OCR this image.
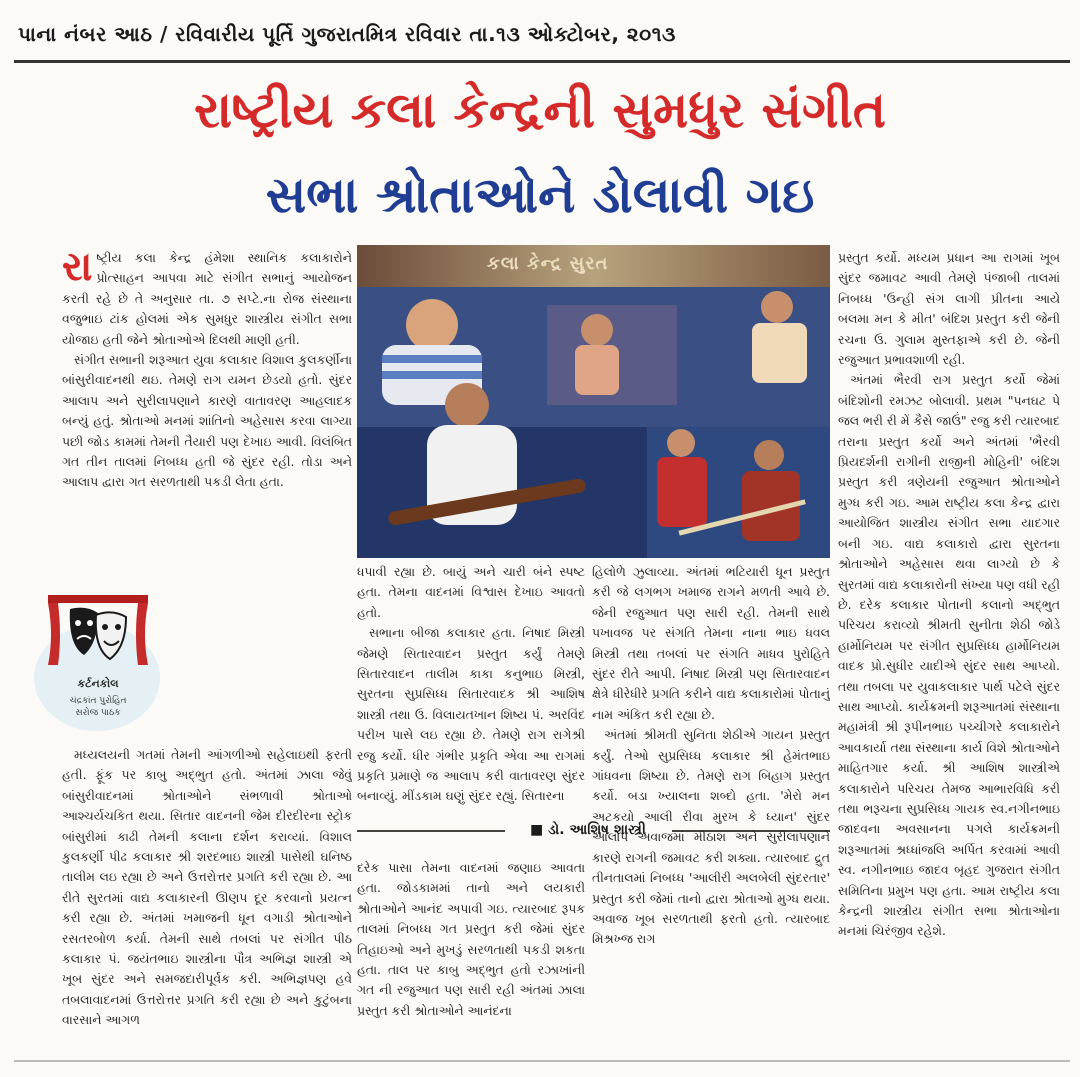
પાના નંબર આઠ / રવિવારીય પૂર્તિ ગુજરાતમિત્ર રવિવાર તા.૧૩ ઓક્ટોબર, ૨૦૧૩
રાષ્ટ્રીય કલા કેન્દ્રની સુમધુર સંગીત
સભા શ્રોતાઓને ડોલાવી ગઇ

રાષ્ટ્રીય કલા કેન્દ્ર હંમેશા સ્થાનિક કલાકારોને પ્રોત્સાહન આપવા માટે સંગીત સભાનું આયોજન કરતી રહે છે તે અનુસાર તા. ૭ સપ્ટે.ના રોજ સંસ્થાના વજુભાઇ ટાંક હોલમાં એક સુમધુર શાસ્ત્રીય સંગીત સભા યોજાઇ હતી જેને શ્રોતાઓએ દિલથી માણી હતી.

સંગીત સભાની શરૂઆત યુવા કલાકાર વિશાલ કુલકર્ણીના બાંસુરીવાદનથી થઇ. તેમણે રાગ યમન છેડયો હતો. સુંદર આલાપ અને સુરીલાપણાને કારણે વાતાવરણ આહલાદક બન્યું હતું. શ્રોતાઓ મનમાં શાંતિનો અહેસાસ કરવા લાગ્યા પછી જોડ કામમાં તેમની તૈયારી પણ દેખાઇ આવી. વિલંબિત ગત તીન તાલમાં નિબધ્ધ હતી જે સુંદર રહી. તોડા અને આલાપ દ્વારા ગત સરળતાથી પકડી લેતા હતા.

મધ્યલયની ગતમાં તેમની આંગળીઓ સહેલાઇથી ફરતી હતી. ફૂંક પર કાબુ અદ્ભુત હતો. અંતમાં ઝાલા જેવું બાંસુરીવાદનમાં શ્રોતાઓને સંભળાવી શ્રોતાઓ આશ્ચર્યચકિત થયા. સિતાર વાદનની જેમ દીરદીરના સ્ટ્રોક બાંસુરીમાં કાઢી તેમની કલાના દર્શન કરાવ્યાં. વિશાલ કુલકર્ણી પીઢ કલાકાર શ્રી શરદભાઇ શાસ્ત્રી પાસેથી ઘનિષ્ઠ તાલીમ લઇ રહ્યા છે અને ઉત્તરોત્તર પ્રગતિ કરી રહ્યા છે. આ રીતે સુરતમાં વાદ્ય કલાકારની ઊણપ દૂર કરવાનો પ્રયત્ન કરી રહ્યા છે. અંતમાં ખમાજની ધૂન વગાડી શ્રોતાઓને રસતરબોળ કર્યા. તેમની સાથે તબલાં પર સંગીત પીઠ કલાકાર પં. જયંતભાઇ શાસ્ત્રીના પૌત્ર અભિજ્ઞ શાસ્ત્રી એ ખૂબ સુંદર અને સમજદારીપૂર્વક કરી. અભિજ્ઞપણ હવે તબલાવાદનમાં ઉત્તરોત્તર પ્રગતિ કરી રહ્યા છે અને કુટુંબના વારસાને આગળ

કર્ટનકોલ
ચંદ્રકાંત પુરોહિત
સરોજ પાઠક
કલા કેન્દ્ર સુરત

ધપાવી રહ્યા છે. બાયું અને ચારી બંને સ્પષ્ટ હતા. તેમના વાદનમાં વિશ્વાસ દેખાઇ આવતો હતો.

સભાના બીજા કલાકાર હતા. નિષાદ મિસ્ત્રી જેમણે સિતારવાદન પ્રસ્તુત કર્યું તેમણે સિતારવાદન તાલીમ કાકા કનુભાઇ મિસ્ત્રી, સુરતના સુપ્રસિધ્ધ સિતારવાદક શ્રી આશિષ શાસ્ત્રી તથા ઉ. વિલાયતખાન શિષ્ય પં. અરવિંદ પરીખ પાસે લઇ રહ્યા છે. તેમણે રાગ રાગેશ્રી રજુ કર્યો. ધીર ગંભીર પ્રકૃતિ એવા આ રાગમાં પ્રકૃતિ પ્રમાણે જ આલાપ કરી વાતાવરણ સુંદર બનાવ્યું. મીંડકામ ઘણું સુંદર રહ્યું. સિતારના

દરેક પાસા તેમના વાદનમાં જણાઇ આવતા હતા. જોડકામમાં તાનો અને લયકારી શ્રોતાઓને આનંદ અપાવી ગઇ. ત્યારબાદ રૂપક તાલમાં નિબધ્ધ ગત પ્રસ્તુત કરી જેમાં સુંદર તિહાઇઓ અને મુખડું સરળતાથી પકડી શકતા હતા. તાલ પર કાબુ અદ્ભુત હતો રઝાખાંની ગત ની રજુઆત પણ સારી રહી અંતમાં ઝાલા પ્રસ્તુત કરી શ્રોતાઓને આનંદના

■ ડો. આશિષ શાસ્ત્રી

હિલોળે ઝુલાવ્યા. અંતમાં ભટિયારી ધૂન પ્રસ્તુત કરી જે લગભગ ખમાજ રાગને મળતી આવે છે. જેની રજુઆત પણ સારી રહી. તેમની સાથે પખાવજ પર સંગતિ તેમના નાના ભાઇ ધવલ મિસ્ત્રી તથા તબલાં પર સંગતિ માધવ પુરોહિતે સુંદર રીતે આપી. નિષાદ મિસ્ત્રી પણ સિતારવાદન ક્ષેત્રે ધીરેધીરે પ્રગતિ કરીને વાદ્ય કલાકારોમાં પોતાનું નામ અંકિત કરી રહ્યા છે.

અંતમાં શ્રીમતી સુનિતા શેઠીએ ગાયન પ્રસ્તુત કર્યું. તેઓ સુપ્રસિધ્ધ કલાકાર શ્રી હેમંતભાઇ ગાંધવના શિષ્યા છે. તેમણે રાગ બિહાગ પ્રસ્તુત કર્યો. બડા ખ્યાલના શબ્દો હતા. 'મેરો મન અટકયો આલી રીવા મુરખ કે ધ્યાન' સુંદર આલાપ અવાજમાં મીઠાશ અને સુરીલાપણાને કારણે રાગની જમાવટ કરી શક્યા. ત્યારબાદ દ્રુત તીનતાલમાં નિબધ્ધ 'આલીરી અલબેલી સુંદરતાર' પ્રસ્તુત કરી જેમાં તાનો દ્વારા શ્રોતાઓ મુગ્ધ થયા. અવાજ ખૂબ સરળતાથી ફરતો હતો. ત્યારબાદ મિશ્રખ્જ રાગ

પ્રસ્તુત કર્યો. મધ્યમ પ્રધાન આ રાગમાં ખૂબ સુંદર જમાવટ આવી તેમણે પંજાબી તાલમાં નિબધ્ધ 'ઉન્હી સંગ લાગી પ્રીતના આયે બલમા મન કે મીત' બંદિશ પ્રસ્તુત કરી જેની રચના ઉ. ગુલામ મુસ્તફાએ કરી છે. જેની રજુઆત પ્રભાવશાળી રહી.

અંતમાં ભૈરવી રાગ પ્રસ્તુત કર્યો જેમાં બંદિશોની રમઝટ બોલાવી. પ્રથમ "પનઘટ પે જલ ભરી રી મેં કૈસે જાઉં" રજુ કરી ત્યારબાદ તરાના પ્રસ્તુત કર્યો અને અંતમાં 'ભૈરવી પ્રિયદર્શની રાગીની રાજીની મોહિની' બંદિશ પ્રસ્તુત કરી ત્રણેયની રજુઆત શ્રોતાઓને મુગ્ધ કરી ગઇ. આમ રાષ્ટ્રીય કલા કેન્દ્ર દ્વારા આયોજિત શાસ્ત્રીય સંગીત સભા યાદગાર બની ગઇ. વાદ્ય કલાકારો દ્વારા સુરતના શ્રોતાઓને અહેસાસ થવા લાગ્યો છે કે સુરતમાં વાદ્ય કલાકારોની સંખ્યા પણ વધી રહી છે. દરેક કલાકાર પોતાની કલાનો અદ્ભુત પરિચય કરાવ્યો શ્રીમતી સુનીતા શેઠી જોડે હાર્મોનિયમ પર સંગીત સુપ્રસિધ્ધ હાર્મોનિયમ વાદક પ્રો.સુધીર યાદીએ સુંદર સાથ આપ્યો. તથા તબલા પર યુવાકલાકાર પાર્થ પટેલે સુંદર સાથ આપ્યો. કાર્યક્રમની શરૂઆતમાં સંસ્થાના મહામંત્રી શ્રી રૂપીનભાઇ પચ્ચીગરે કલાકારોને આવકાર્યા તથા સંસ્થાના કાર્ય વિશે શ્રોતાઓને માહિતગાર કર્યા. શ્રી આશિષ શાસ્ત્રીએ કલાકારોને પરિચય તેમજ આભારવિધિ કરી તથા ભરૂચના સુપ્રસિધ્ધ ગાયક સ્વ.નગીનભાઇ જાદવના અવસાનના પગલે કાર્યક્રમની શરૂઆતમાં શ્રધ્ધાંજલિ અર્પિત કરવામાં આવી સ્વ. નગીનભાઇ જાદવ બૃહદ ગુજરાત સંગીત સમિતિના પ્રમુખ પણ હતા. આમ રાષ્ટ્રીય કલા કેન્દ્રની શાસ્ત્રીય સંગીત સભા શ્રોતાઓના મનમાં ચિરંજીવ રહેશે.
